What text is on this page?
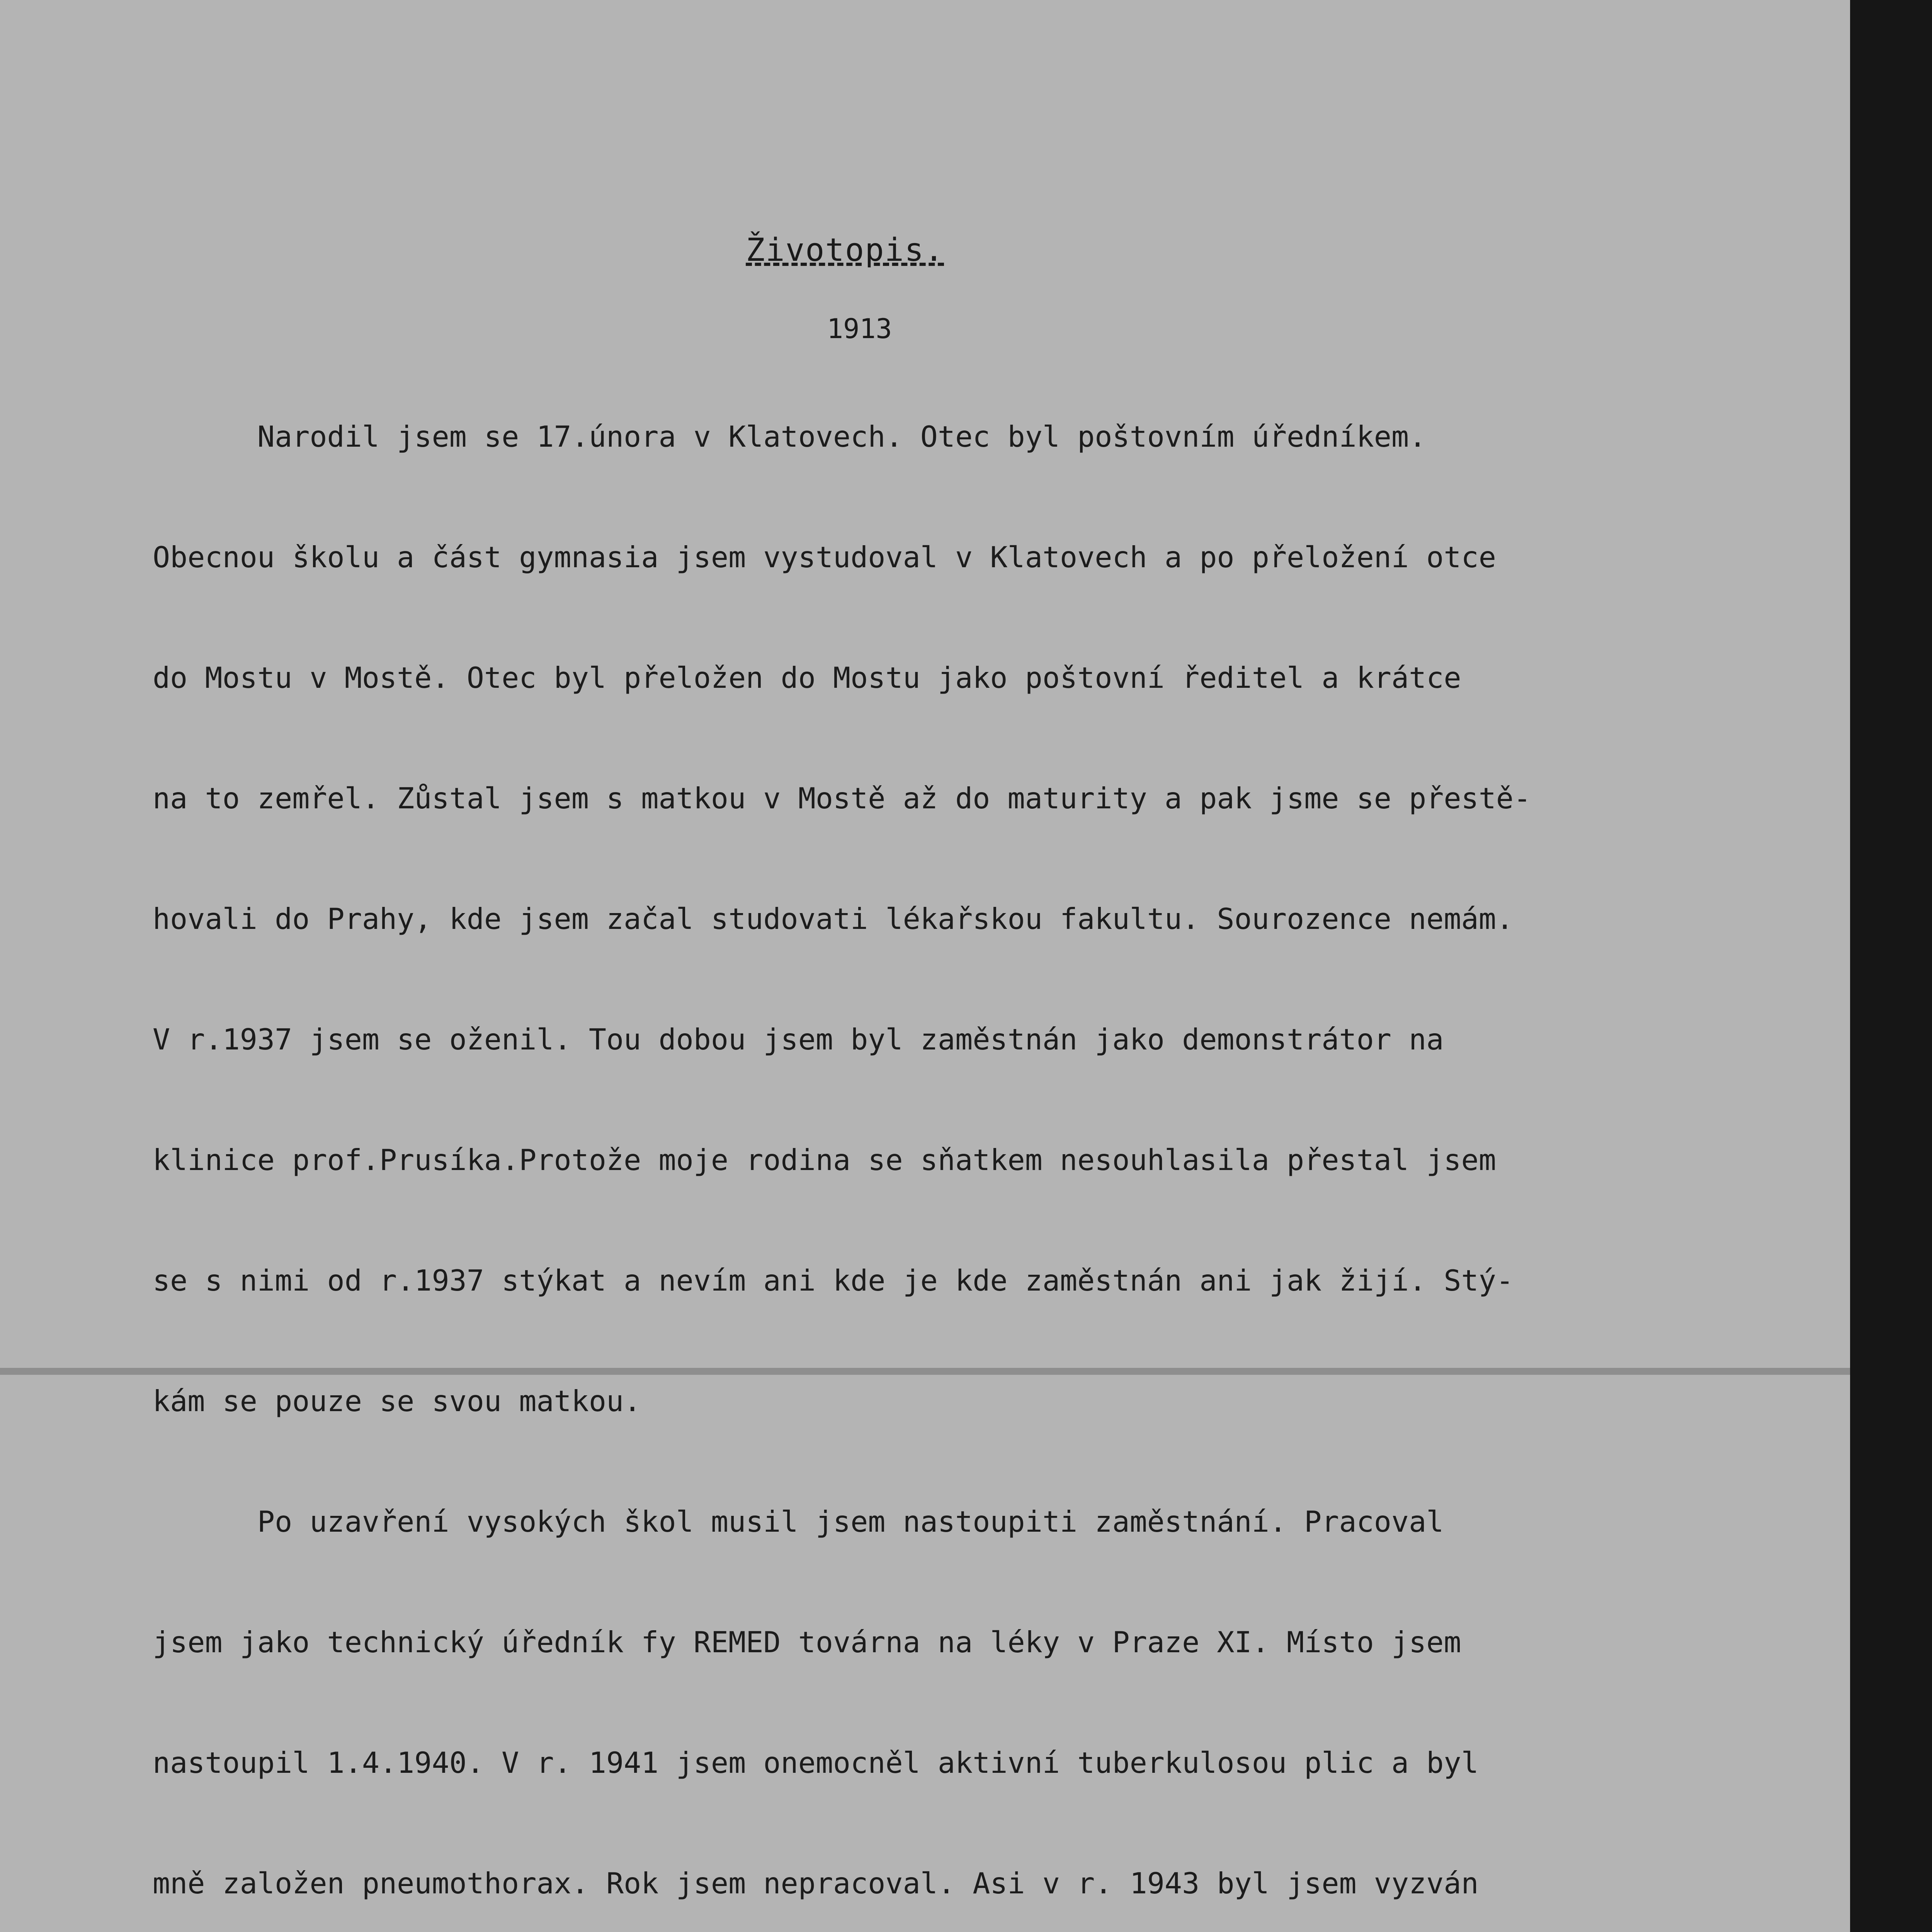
Životopis.
1913

Narodil jsem se 17.února v Klatovech. Otec byl poštovním úředníkem.

Obecnou školu a část gymnasia jsem vystudoval v Klatovech a po přeložení otce

do Mostu v Mostě. Otec byl přeložen do Mostu jako poštovní ředitel a krátce

na to zemřel. Zůstal jsem s matkou v Mostě až do maturity a pak jsme se přestě-

hovali do Prahy, kde jsem začal studovati lékařskou fakultu. Sourozence nemám.

V r.1937 jsem se oženil. Tou dobou jsem byl zaměstnán jako demonstrátor na

klinice prof.Prusíka.Protože moje rodina se sňatkem nesouhlasila přestal jsem

se s nimi od r.1937 stýkat a nevím ani kde je kde zaměstnán ani jak žijí. Stý-

kám se pouze se svou matkou.

Po uzavření vysokých škol musil jsem nastoupiti zaměstnání. Pracoval

jsem jako technický úředník fy REMED továrna na léky v Praze XI. Místo jsem

nastoupil 1.4.1940. V r. 1941 jsem onemocněl aktivní tuberkulosou plic a byl

mně založen pneumothorax. Rok jsem nepracoval. Asi v r. 1943 byl jsem vyzván
